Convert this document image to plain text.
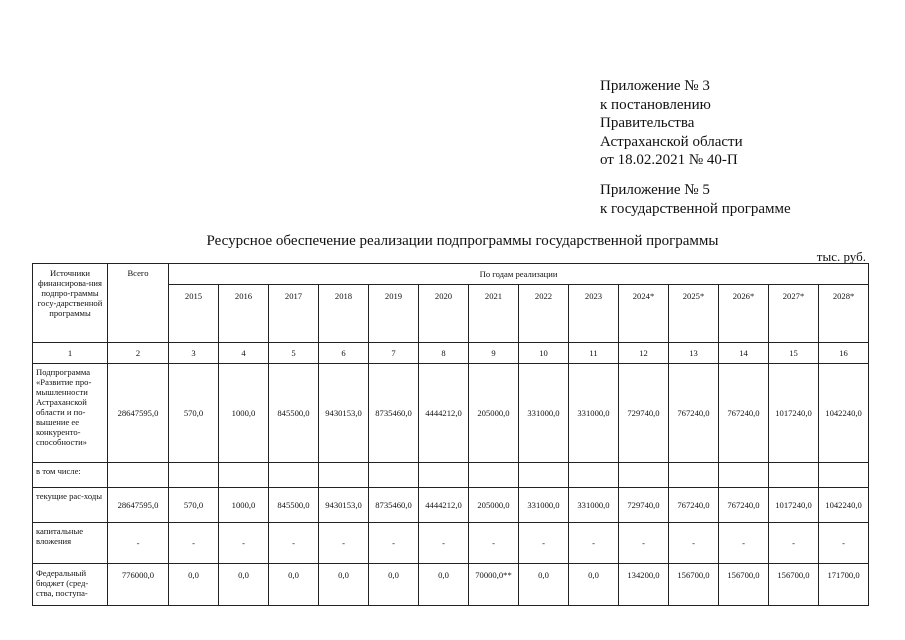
Приложение № 3
к постановлению
Правительства
Астраханской области
от 18.02.2021 № 40-П
Приложение № 5
к государственной программе
Ресурсное обеспечение реализации подпрограммы государственной программы
тыс. руб.
Источники финансирова-ния подпро-граммы госу-дарственной программы	Всего	По годам реализации													
		2015	2016	2017	2018	2019	2020	2021	2022	2023	2024*	2025*	2026*	2027*	2028*
1	2	3	4	5	6	7	8	9	10	11	12	13	14	15	16
Подпрограмма «Развитие про-мышленности Астраханской области и по-вышение ее конкуренто-способности»	28647595,0	570,0	1000,0	845500,0	9430153,0	8735460,0	4444212,0	205000,0	331000,0	331000,0	729740,0	767240,0	767240,0	1017240,0	1042240,0
в том числе:															
текущие рас-ходы	28647595,0	570,0	1000,0	845500,0	9430153,0	8735460,0	4444212,0	205000,0	331000,0	331000,0	729740,0	767240,0	767240,0	1017240,0	1042240,0
капитальные вложения	-	-	-	-	-	-	-	-	-	-	-	-	-	-	-
Федеральный бюджет (сред-ства, поступа-	776000,0	0,0	0,0	0,0	0,0	0,0	0,0	70000,0**	0,0	0,0	134200,0	156700,0	156700,0	156700,0	171700,0
